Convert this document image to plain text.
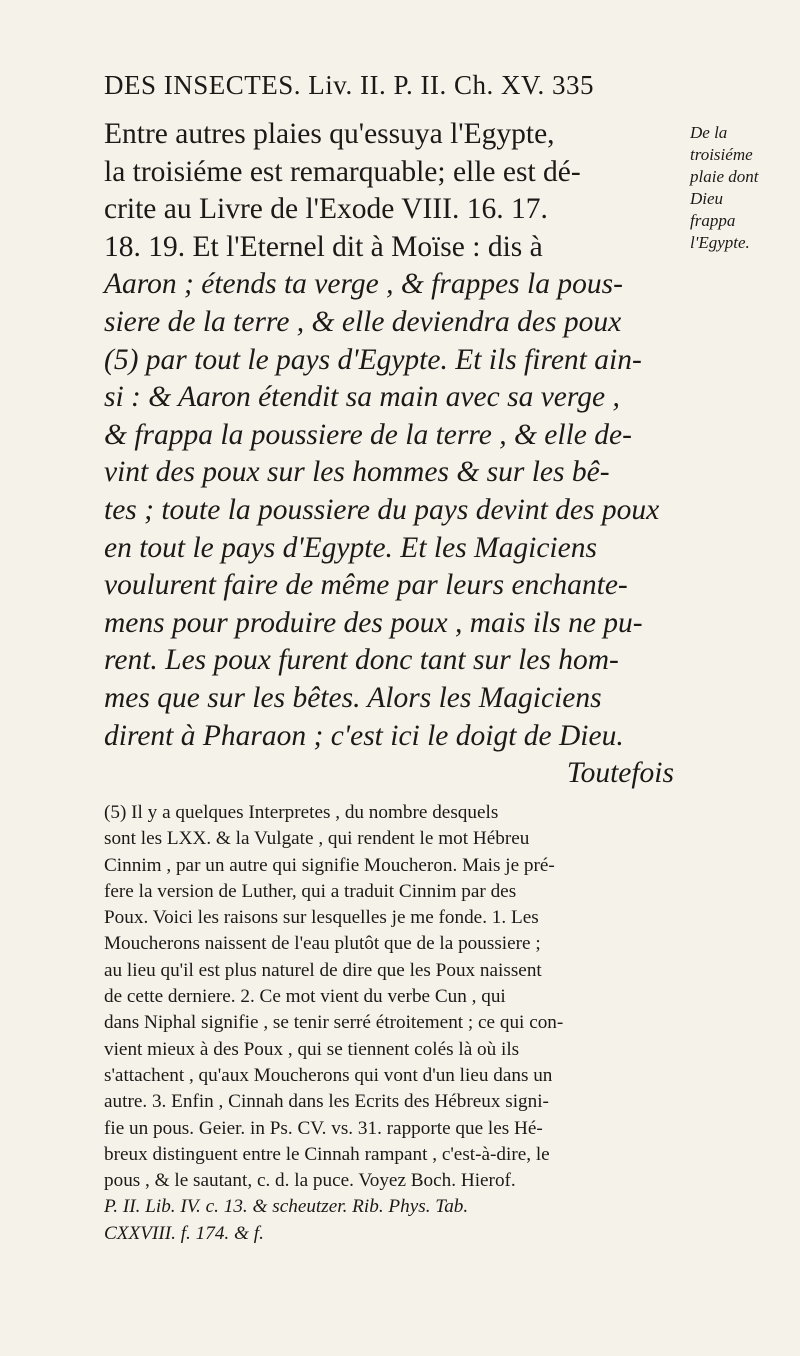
DES INSECTES. Liv. II. P. II. Ch. XV. 335
Entre autres plaies qu'essuya l'Egypte,
la troisiéme est remarquable; elle est dé-
crite au Livre de l'Exode VIII. 16. 17.
18. 19. Et l'Eternel dit à Moïse : dis à
Aaron ; étends ta verge , & frappes la pous-
siere de la terre , & elle deviendra des poux
(5) par tout le pays d'Egypte. Et ils firent ain-
si : & Aaron étendit sa main avec sa verge ,
& frappa la poussiere de la terre , & elle de-
vint des poux sur les hommes & sur les bê-
tes ; toute la poussiere du pays devint des poux
en tout le pays d'Egypte. Et les Magiciens
voulurent faire de même par leurs enchante-
mens pour produire des poux , mais ils ne pu-
rent. Les poux furent donc tant sur les hom-
mes que sur les bêtes. Alors les Magiciens
dirent à Pharaon ; c'est ici le doigt de Dieu.
Toutefois
De la
troisiéme
plaie dont
Dieu
frappa
l'Egypte.
(5) Il y a quelques Interpretes , du nombre desquels
sont les LXX. & la Vulgate , qui rendent le mot Hébreu
Cinnim , par un autre qui signifie Moucheron. Mais je pré-
fere la version de Luther, qui a traduit Cinnim par des
Poux. Voici les raisons sur lesquelles je me fonde. 1. Les
Moucherons naissent de l'eau plutôt que de la poussiere ;
au lieu qu'il est plus naturel de dire que les Poux naissent
de cette derniere. 2. Ce mot vient du verbe Cun , qui
dans Niphal signifie , se tenir serré étroitement ; ce qui con-
vient mieux à des Poux , qui se tiennent colés là où ils
s'attachent , qu'aux Moucherons qui vont d'un lieu dans un
autre. 3. Enfin , Cinnah dans les Ecrits des Hébreux signi-
fie un pous. Geier. in Ps. CV. vs. 31. rapporte que les Hé-
breux distinguent entre le Cinnah rampant , c'est-à-dire, le
pous , & le sautant, c. d. la puce. Voyez Boch. Hierof.
P. II. Lib. IV. c. 13. & scheutzer. Rib. Phys. Tab.
CXXVIII. f. 174. & f.
